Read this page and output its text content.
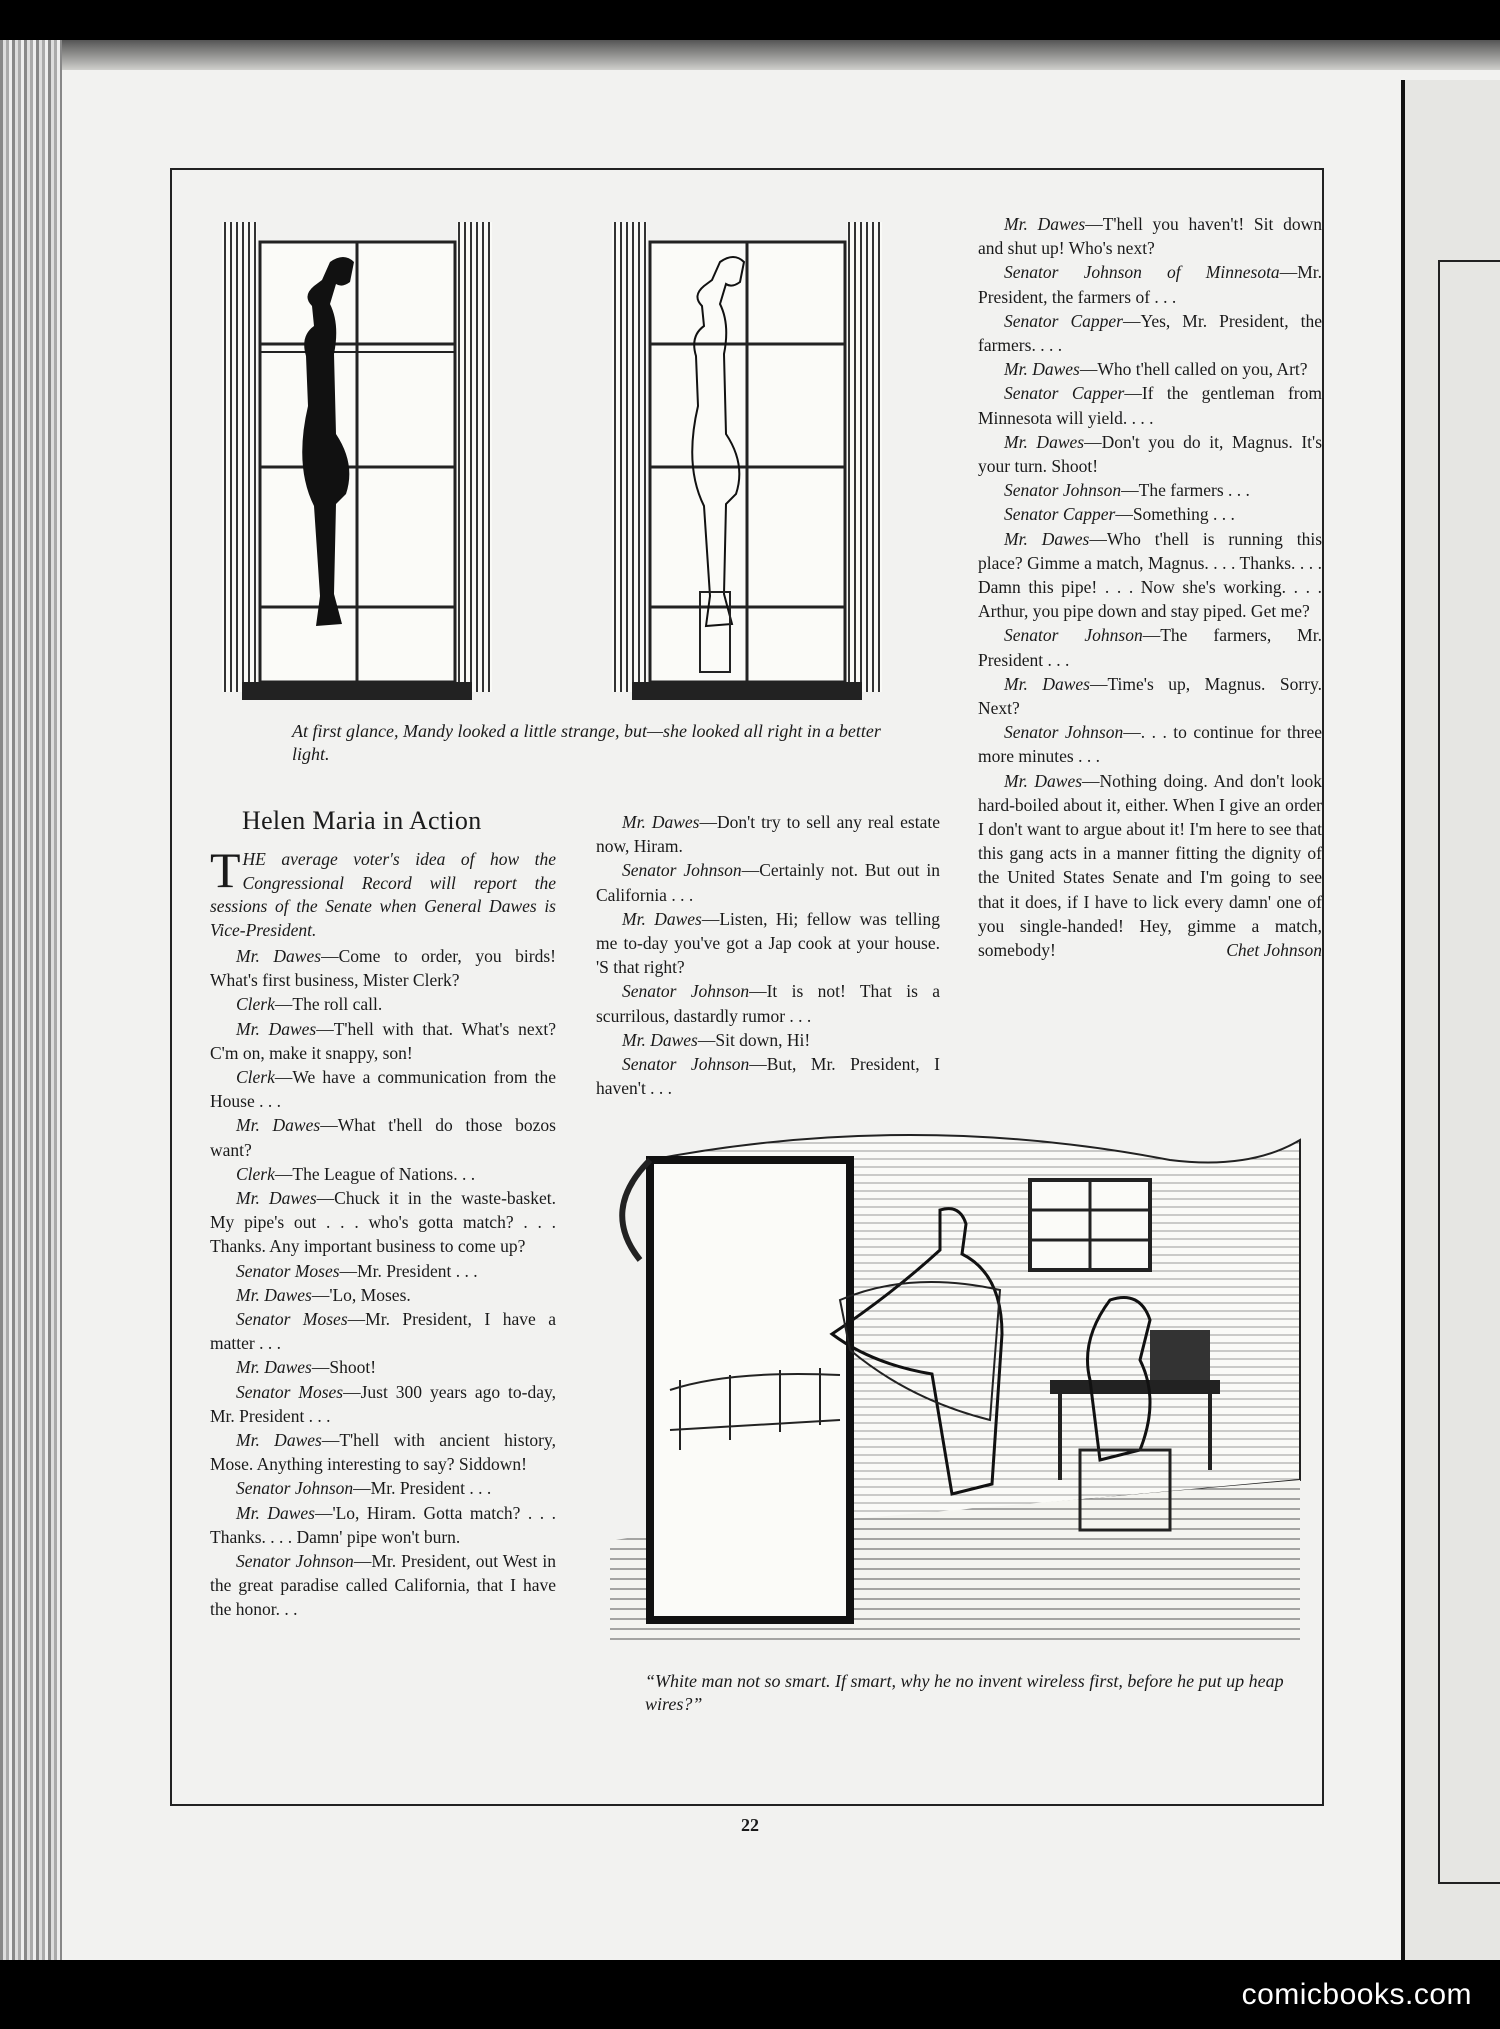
At first glance, Mandy looked a little strange, but—she looked all right in a better light.
Helen Maria in Action
THE average voter's idea of how the Congressional Record will report the sessions of the Senate when General Dawes is Vice-President.

Mr. Dawes—Come to order, you birds! What's first business, Mister Clerk?

Clerk—The roll call.

Mr. Dawes—T'hell with that. What's next? C'm on, make it snappy, son!

Clerk—We have a communication from the House . . .

Mr. Dawes—What t'hell do those bozos want?

Clerk—The League of Nations. . .

Mr. Dawes—Chuck it in the waste-basket. My pipe's out . . . who's gotta match? . . . Thanks. Any important business to come up?

Senator Moses—Mr. President . . .

Mr. Dawes—'Lo, Moses.

Senator Moses—Mr. President, I have a matter . . .

Mr. Dawes—Shoot!

Senator Moses—Just 300 years ago to-day, Mr. President . . .

Mr. Dawes—T'hell with ancient history, Mose. Anything interesting to say? Siddown!

Senator Johnson—Mr. President . . .

Mr. Dawes—'Lo, Hiram. Gotta match? . . . Thanks. . . . Damn' pipe won't burn.

Senator Johnson—Mr. President, out West in the great paradise called California, that I have the honor. . .

Mr. Dawes—Don't try to sell any real estate now, Hiram.

Senator Johnson—Certainly not. But out in California . . .

Mr. Dawes—Listen, Hi; fellow was telling me to-day you've got a Jap cook at your house. 'S that right?

Senator Johnson—It is not! That is a scurrilous, dastardly rumor . . .

Mr. Dawes—Sit down, Hi!

Senator Johnson—But, Mr. President, I haven't . . .

Mr. Dawes—T'hell you haven't! Sit down and shut up! Who's next?

Senator Johnson of Minnesota—Mr. President, the farmers of . . .

Senator Capper—Yes, Mr. President, the farmers. . . .

Mr. Dawes—Who t'hell called on you, Art?

Senator Capper—If the gentleman from Minnesota will yield. . . .

Mr. Dawes—Don't you do it, Magnus. It's your turn. Shoot!

Senator Johnson—The farmers . . .

Senator Capper—Something . . .

Mr. Dawes—Who t'hell is running this place? Gimme a match, Magnus. . . . Thanks. . . . Damn this pipe! . . . Now she's working. . . . Arthur, you pipe down and stay piped. Get me?

Senator Johnson—The farmers, Mr. President . . .

Mr. Dawes—Time's up, Magnus. Sorry. Next?

Senator Johnson—. . . to continue for three more minutes . . .

Mr. Dawes—Nothing doing. And don't look hard-boiled about it, either. When I give an order I don't want to argue about it! I'm here to see that this gang acts in a manner fitting the dignity of the United States Senate and I'm going to see that it does, if I have to lick every damn' one of you single-handed! Hey, gimme a match, somebody!	Chet Johnson

“White man not so smart. If smart, why he no invent wireless first, before he put up heap wires?”
22
comicbooks.com
